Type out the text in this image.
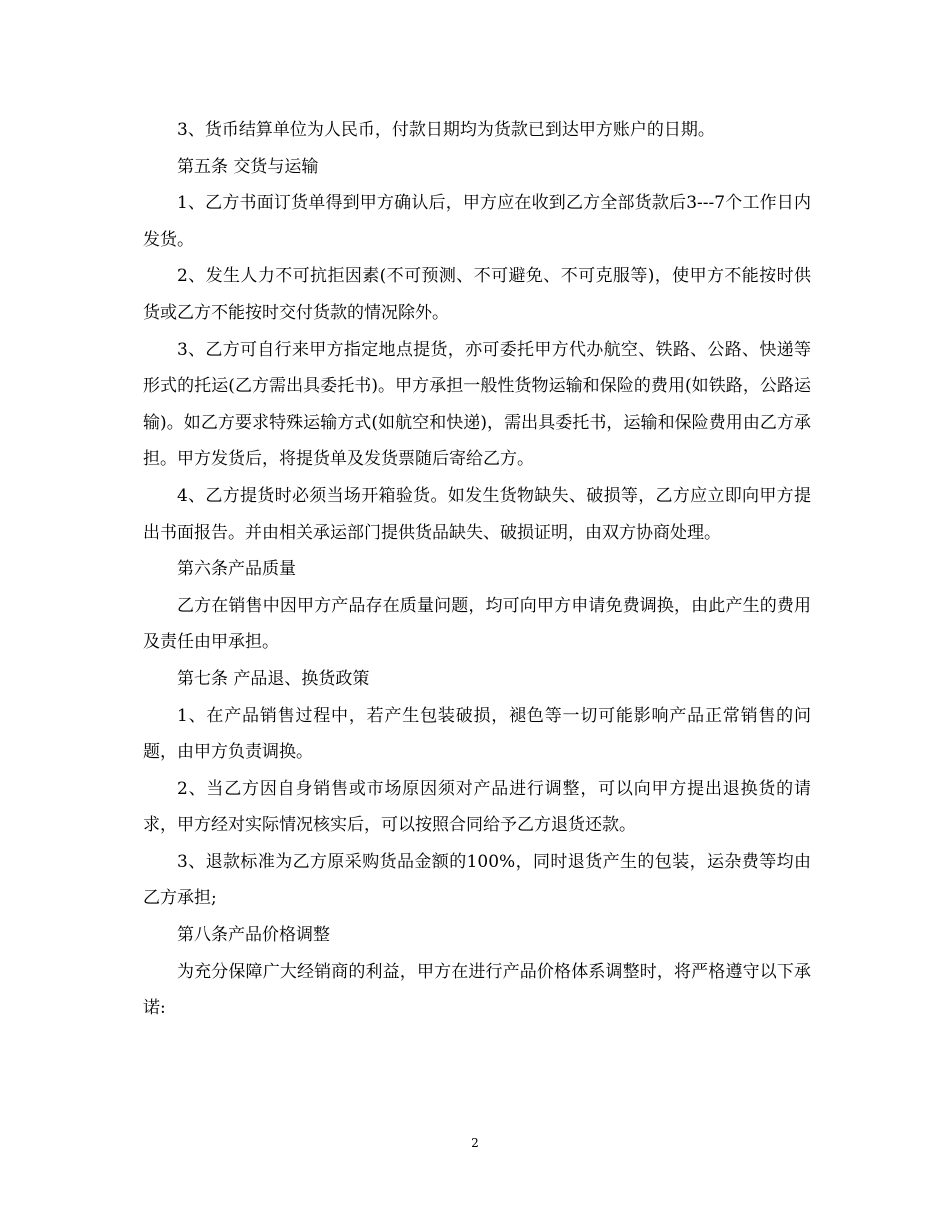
3、货币结算单位为人民币，付款日期均为货款已到达甲方账户的日期。

第五条 交货与运输

1、乙方书面订货单得到甲方确认后，甲方应在收到乙方全部货款后3---7个工作日内发货。

2、发生人力不可抗拒因素(不可预测、不可避免、不可克服等)，使甲方不能按时供货或乙方不能按时交付货款的情况除外。

3、乙方可自行来甲方指定地点提货，亦可委托甲方代办航空、铁路、公路、快递等形式的托运(乙方需出具委托书)。甲方承担一般性货物运输和保险的费用(如铁路，公路运输)。如乙方要求特殊运输方式(如航空和快递)，需出具委托书，运输和保险费用由乙方承担。甲方发货后，将提货单及发货票随后寄给乙方。

4、乙方提货时必须当场开箱验货。如发生货物缺失、破损等，乙方应立即向甲方提出书面报告。并由相关承运部门提供货品缺失、破损证明，由双方协商处理。

第六条产品质量

乙方在销售中因甲方产品存在质量问题，均可向甲方申请免费调换，由此产生的费用及责任由甲承担。

第七条 产品退、换货政策

1、在产品销售过程中，若产生包装破损，褪色等一切可能影响产品正常销售的问题，由甲方负责调换。

2、当乙方因自身销售或市场原因须对产品进行调整，可以向甲方提出退换货的请求，甲方经对实际情况核实后，可以按照合同给予乙方退货还款。

3、退款标准为乙方原采购货品金额的100%，同时退货产生的包装，运杂费等均由乙方承担;

第八条产品价格调整

为充分保障广大经销商的利益，甲方在进行产品价格体系调整时，将严格遵守以下承诺:

2
